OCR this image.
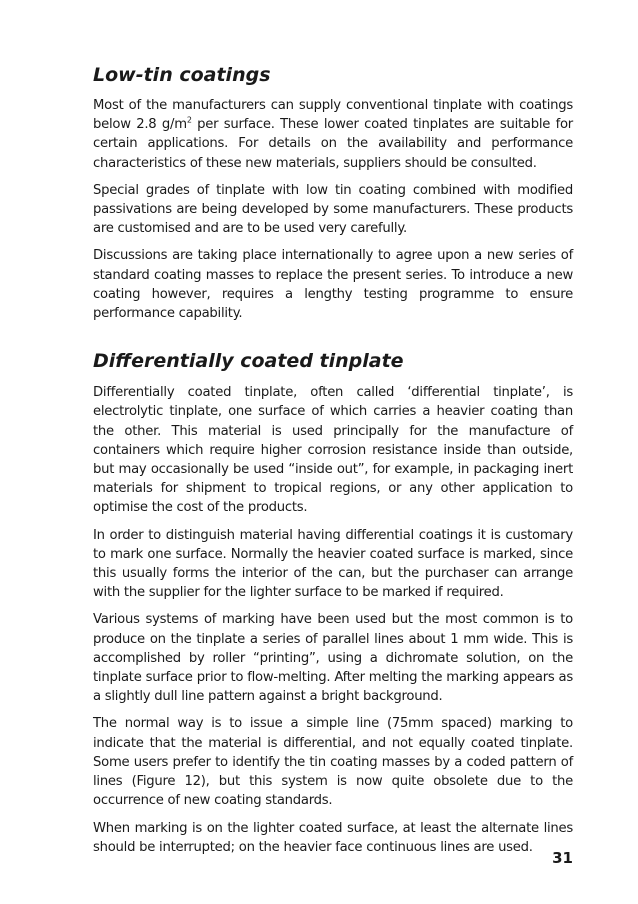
Low-tin coatings

Most of the manufacturers can supply conventional tinplate with coatings below 2.8 $g/m^2$ per surface. These lower coated tinplates are suitable for certain applications. For details on the availability and performance characteristics of these new materials, suppliers should be consulted.

Special grades of tinplate with low tin coating combined with modified passivations are being developed by some manufacturers. These products are customised and are to be used very carefully.

Discussions are taking place internationally to agree upon a new series of standard coating masses to replace the present series. To introduce a new coating however, requires a lengthy testing programme to ensure performance capability.

Differentially coated tinplate

Differentially coated tinplate, often called ‘differential tinplate’, is electrolytic tinplate, one surface of which carries a heavier coating than the other. This material is used principally for the manufacture of containers which require higher corrosion resistance inside than outside, but may occasionally be used “inside out”, for example, in packaging inert materials for shipment to tropical regions, or any other application to optimise the cost of the products.

In order to distinguish material having differential coatings it is customary to mark one surface. Normally the heavier coated surface is marked, since this usually forms the interior of the can, but the purchaser can arrange with the supplier for the lighter surface to be marked if required.

Various systems of marking have been used but the most common is to produce on the tinplate a series of parallel lines about 1 mm wide. This is accomplished by roller “printing”, using a dichromate solution, on the tinplate surface prior to flow-melting. After melting the marking appears as a slightly dull line pattern against a bright background.

The normal way is to issue a simple line (75mm spaced) marking to indicate that the material is differential, and not equally coated tinplate. Some users prefer to identify the tin coating masses by a coded pattern of lines (Figure 12), but this system is now quite obsolete due to the occurrence of new coating standards.

When marking is on the lighter coated surface, at least the alternate lines should be interrupted; on the heavier face continuous lines are used.

31
